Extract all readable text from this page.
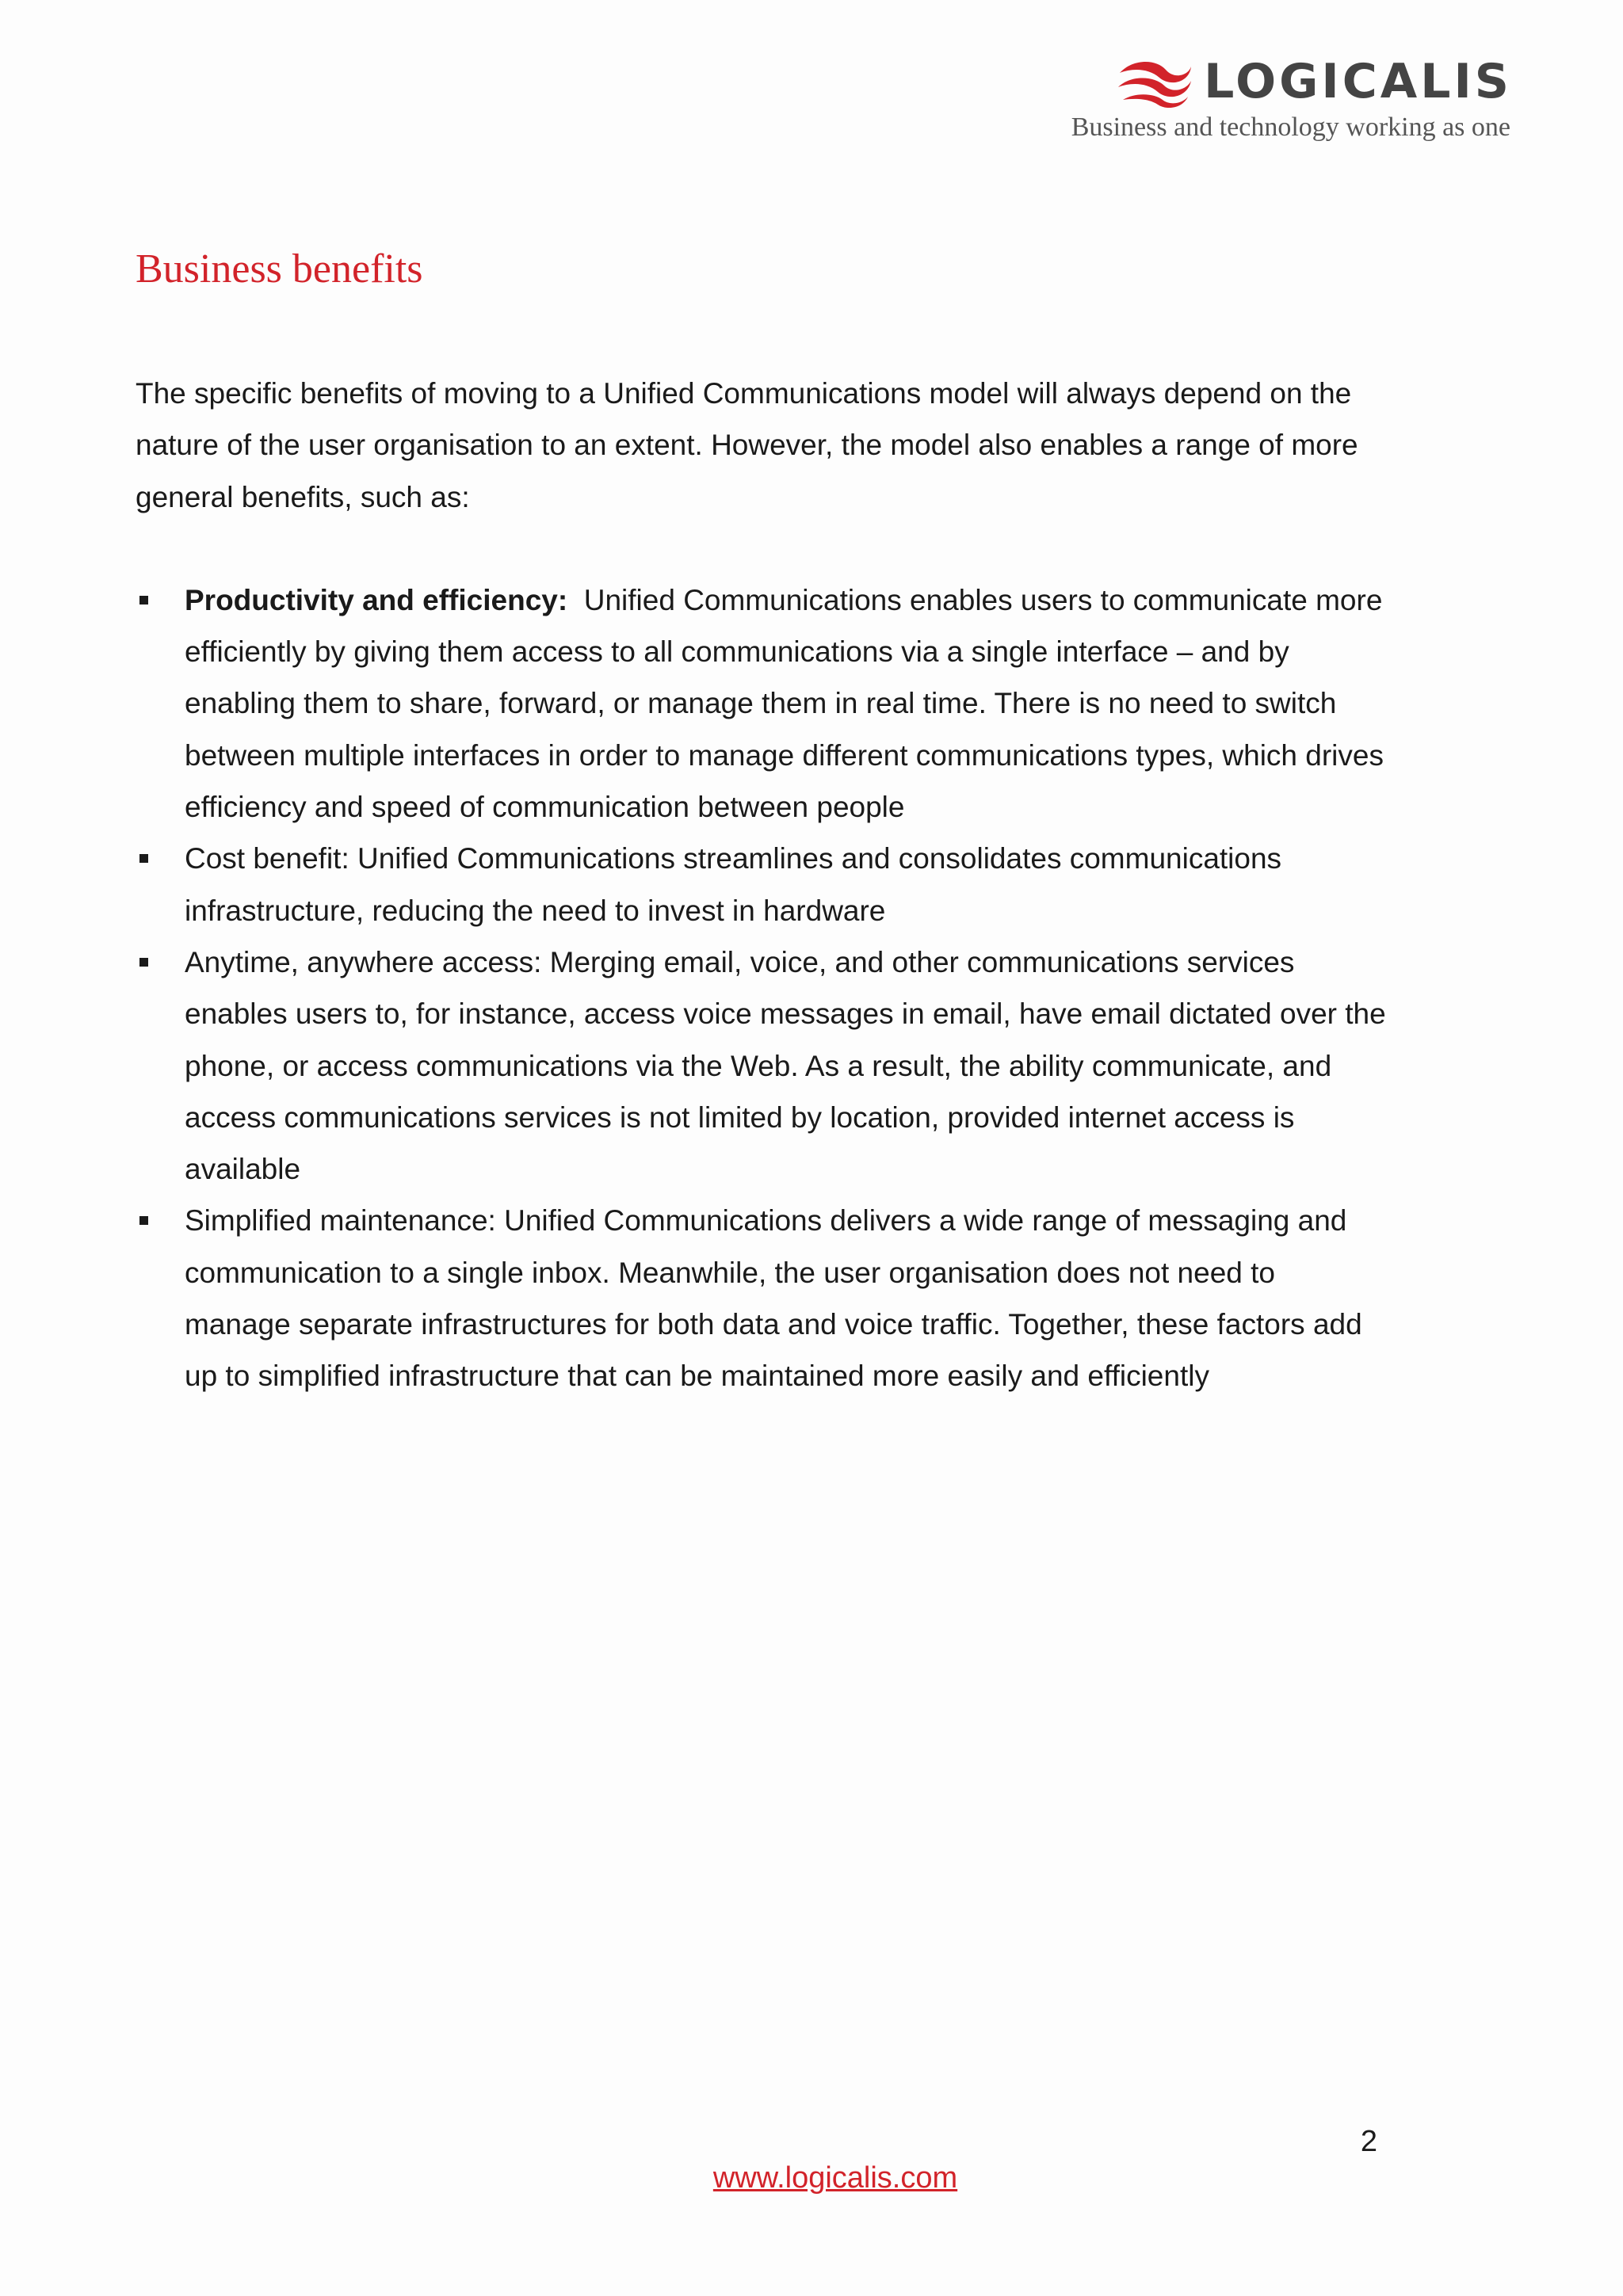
LOGICALIS
Business and technology working as one
Business benefits

The specific benefits of moving to a Unified Communications model will always depend on the nature of the user organisation to an extent. However, the model also enables a range of more general benefits, such as:

Productivity and efficiency: Unified Communications enables users to communicate more efficiently by giving them access to all communications via a single interface – and by enabling them to share, forward, or manage them in real time. There is no need to switch between multiple interfaces in order to manage different communications types, which drives efficiency and speed of communication between people
Cost benefit: Unified Communications streamlines and consolidates communications infrastructure, reducing the need to invest in hardware
Anytime, anywhere access: Merging email, voice, and other communications services enables users to, for instance, access voice messages in email, have email dictated over the phone, or access communications via the Web. As a result, the ability communicate, and access communications services is not limited by location, provided internet access is available
Simplified maintenance: Unified Communications delivers a wide range of messaging and communication to a single inbox. Meanwhile, the user organisation does not need to manage separate infrastructures for both data and voice traffic. Together, these factors add up to simplified infrastructure that can be maintained more easily and efficiently
2
www.logicalis.com
